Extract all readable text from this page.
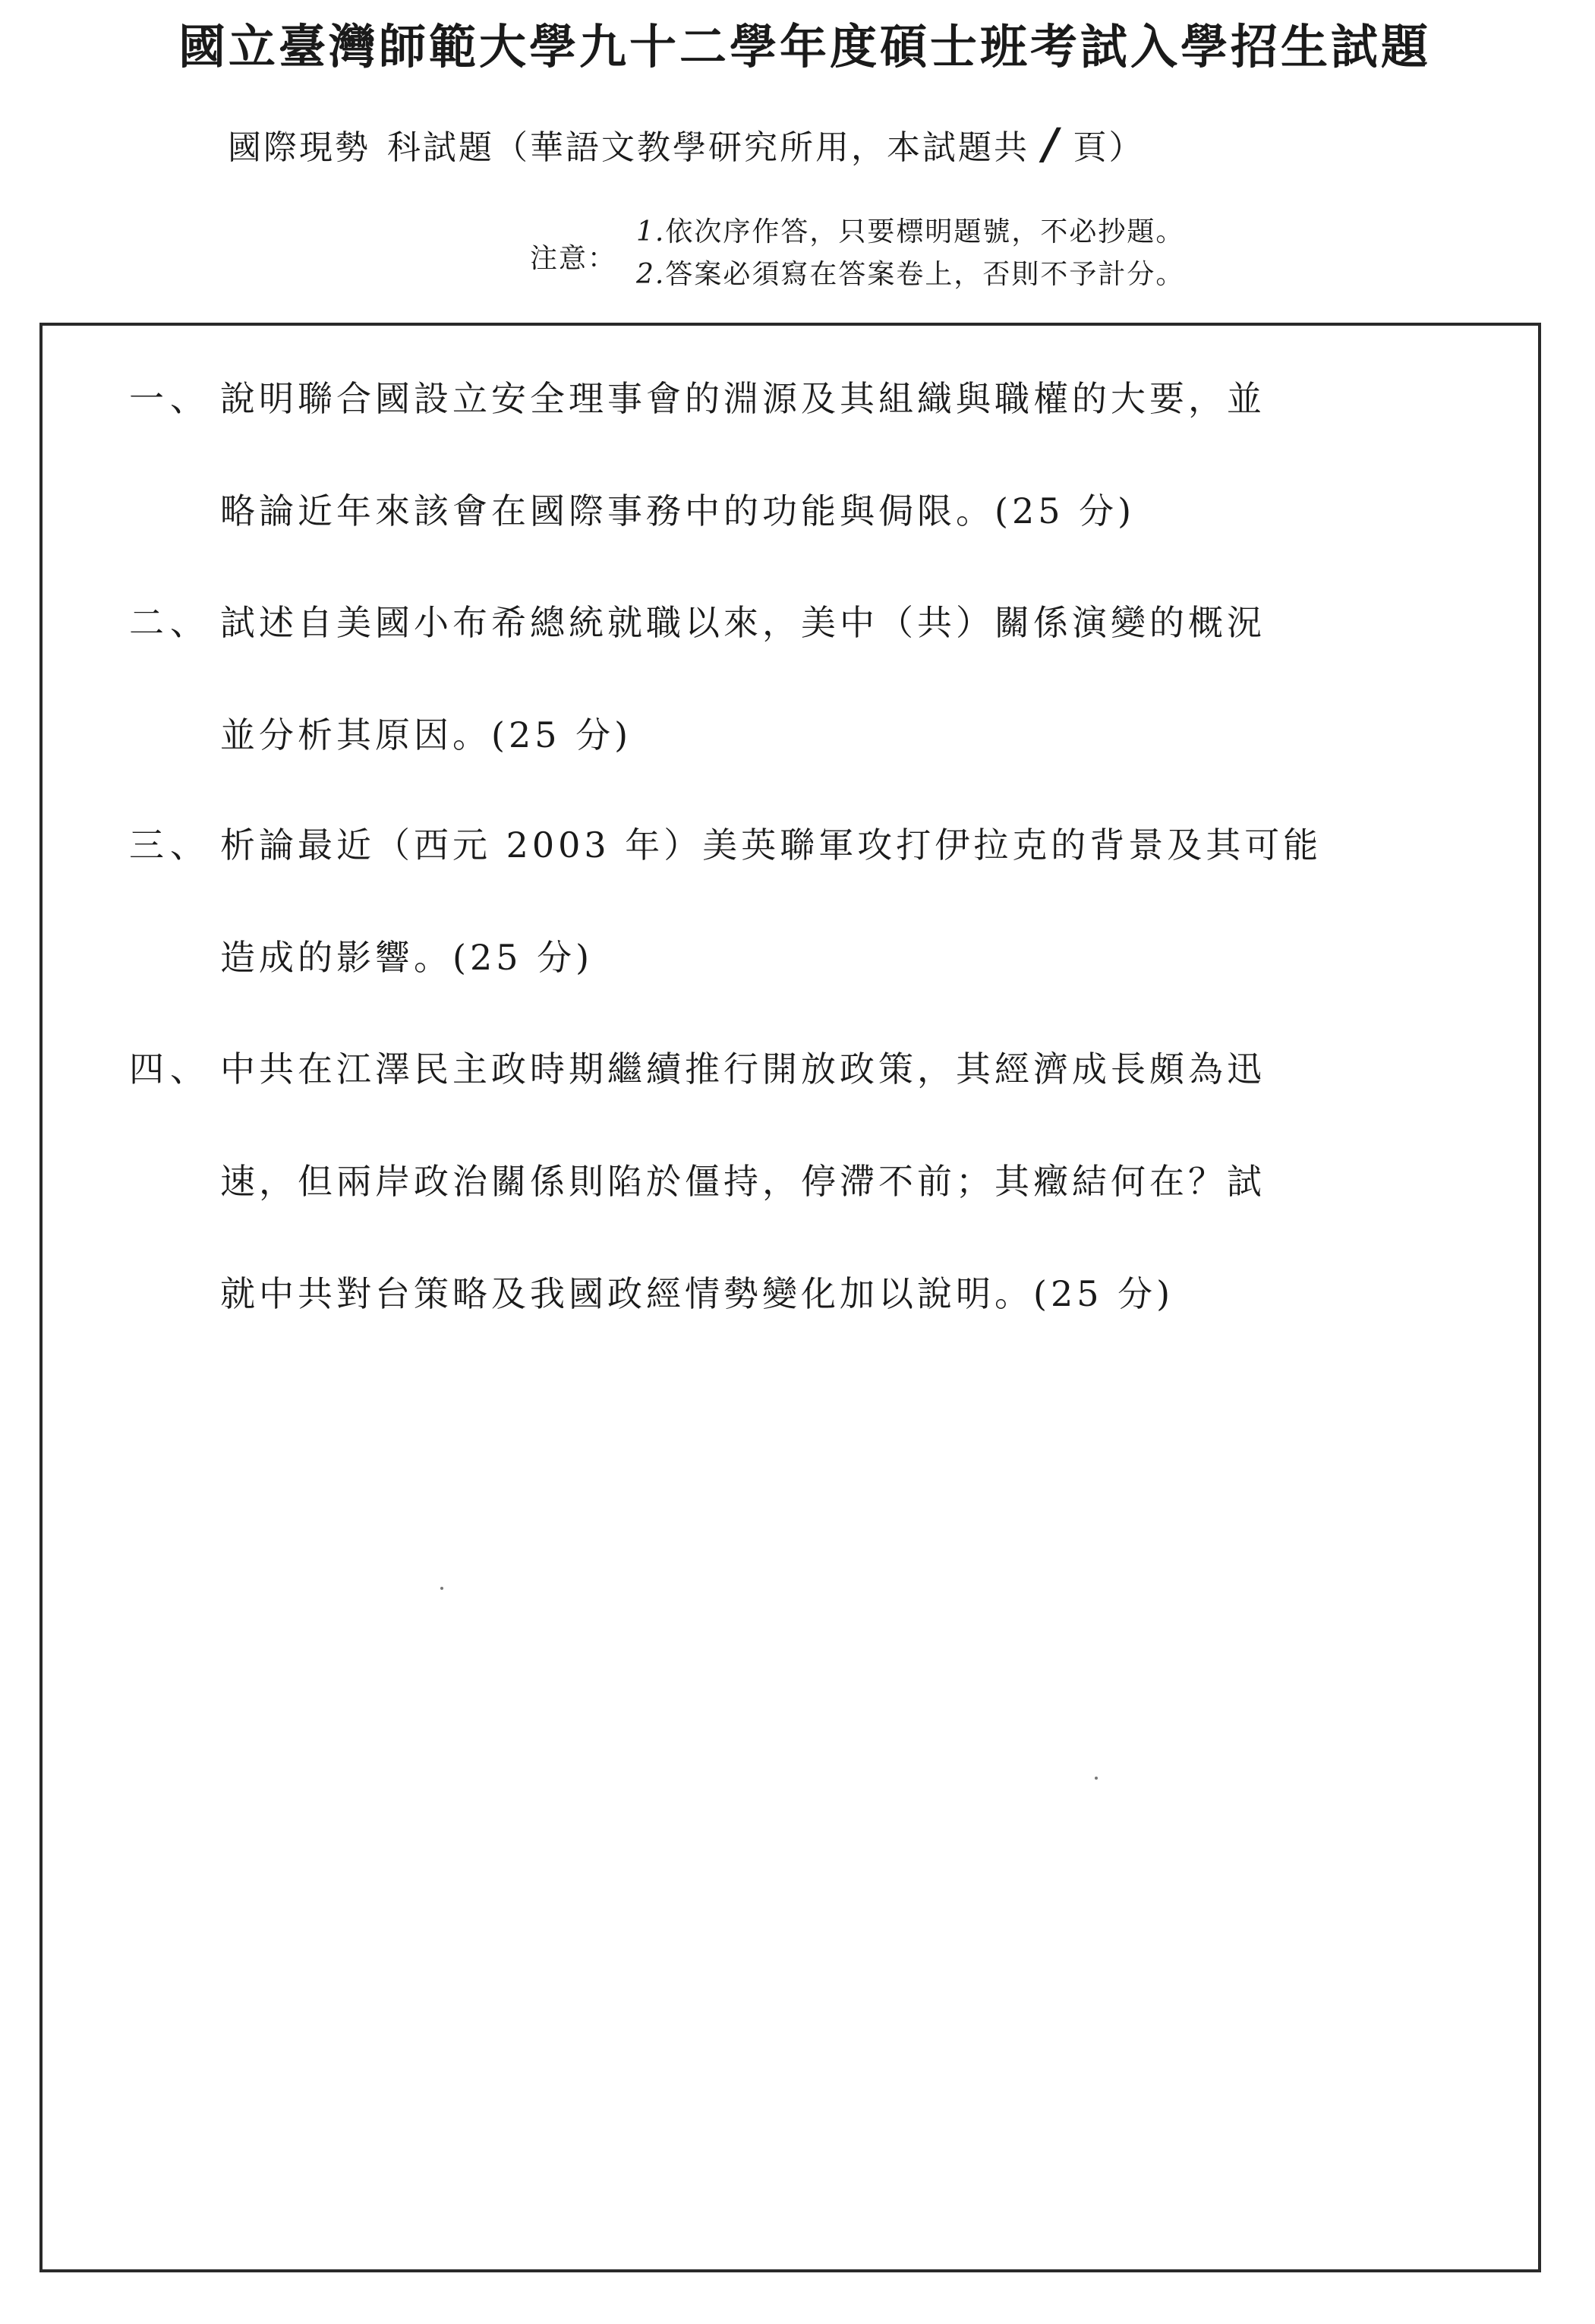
國立臺灣師範大學九十二學年度碩士班考試入學招生試題
國際現勢 科試題（華語文教學研究所用，本試題共 / 頁）
注意：
1.依次序作答，只要標明題號，不必抄題。
2.答案必須寫在答案卷上，否則不予計分。
一、 說明聯合國設立安全理事會的淵源及其組織與職權的大要，並
略論近年來該會在國際事務中的功能與侷限。(25 分)
二、 試述自美國小布希總統就職以來，美中（共）關係演變的概況
並分析其原因。(25 分)
三、 析論最近（西元 2003 年）美英聯軍攻打伊拉克的背景及其可能
造成的影響。(25 分)
四、 中共在江澤民主政時期繼續推行開放政策，其經濟成長頗為迅
速，但兩岸政治關係則陷於僵持，停滯不前；其癥結何在？試
就中共對台策略及我國政經情勢變化加以說明。(25 分)
